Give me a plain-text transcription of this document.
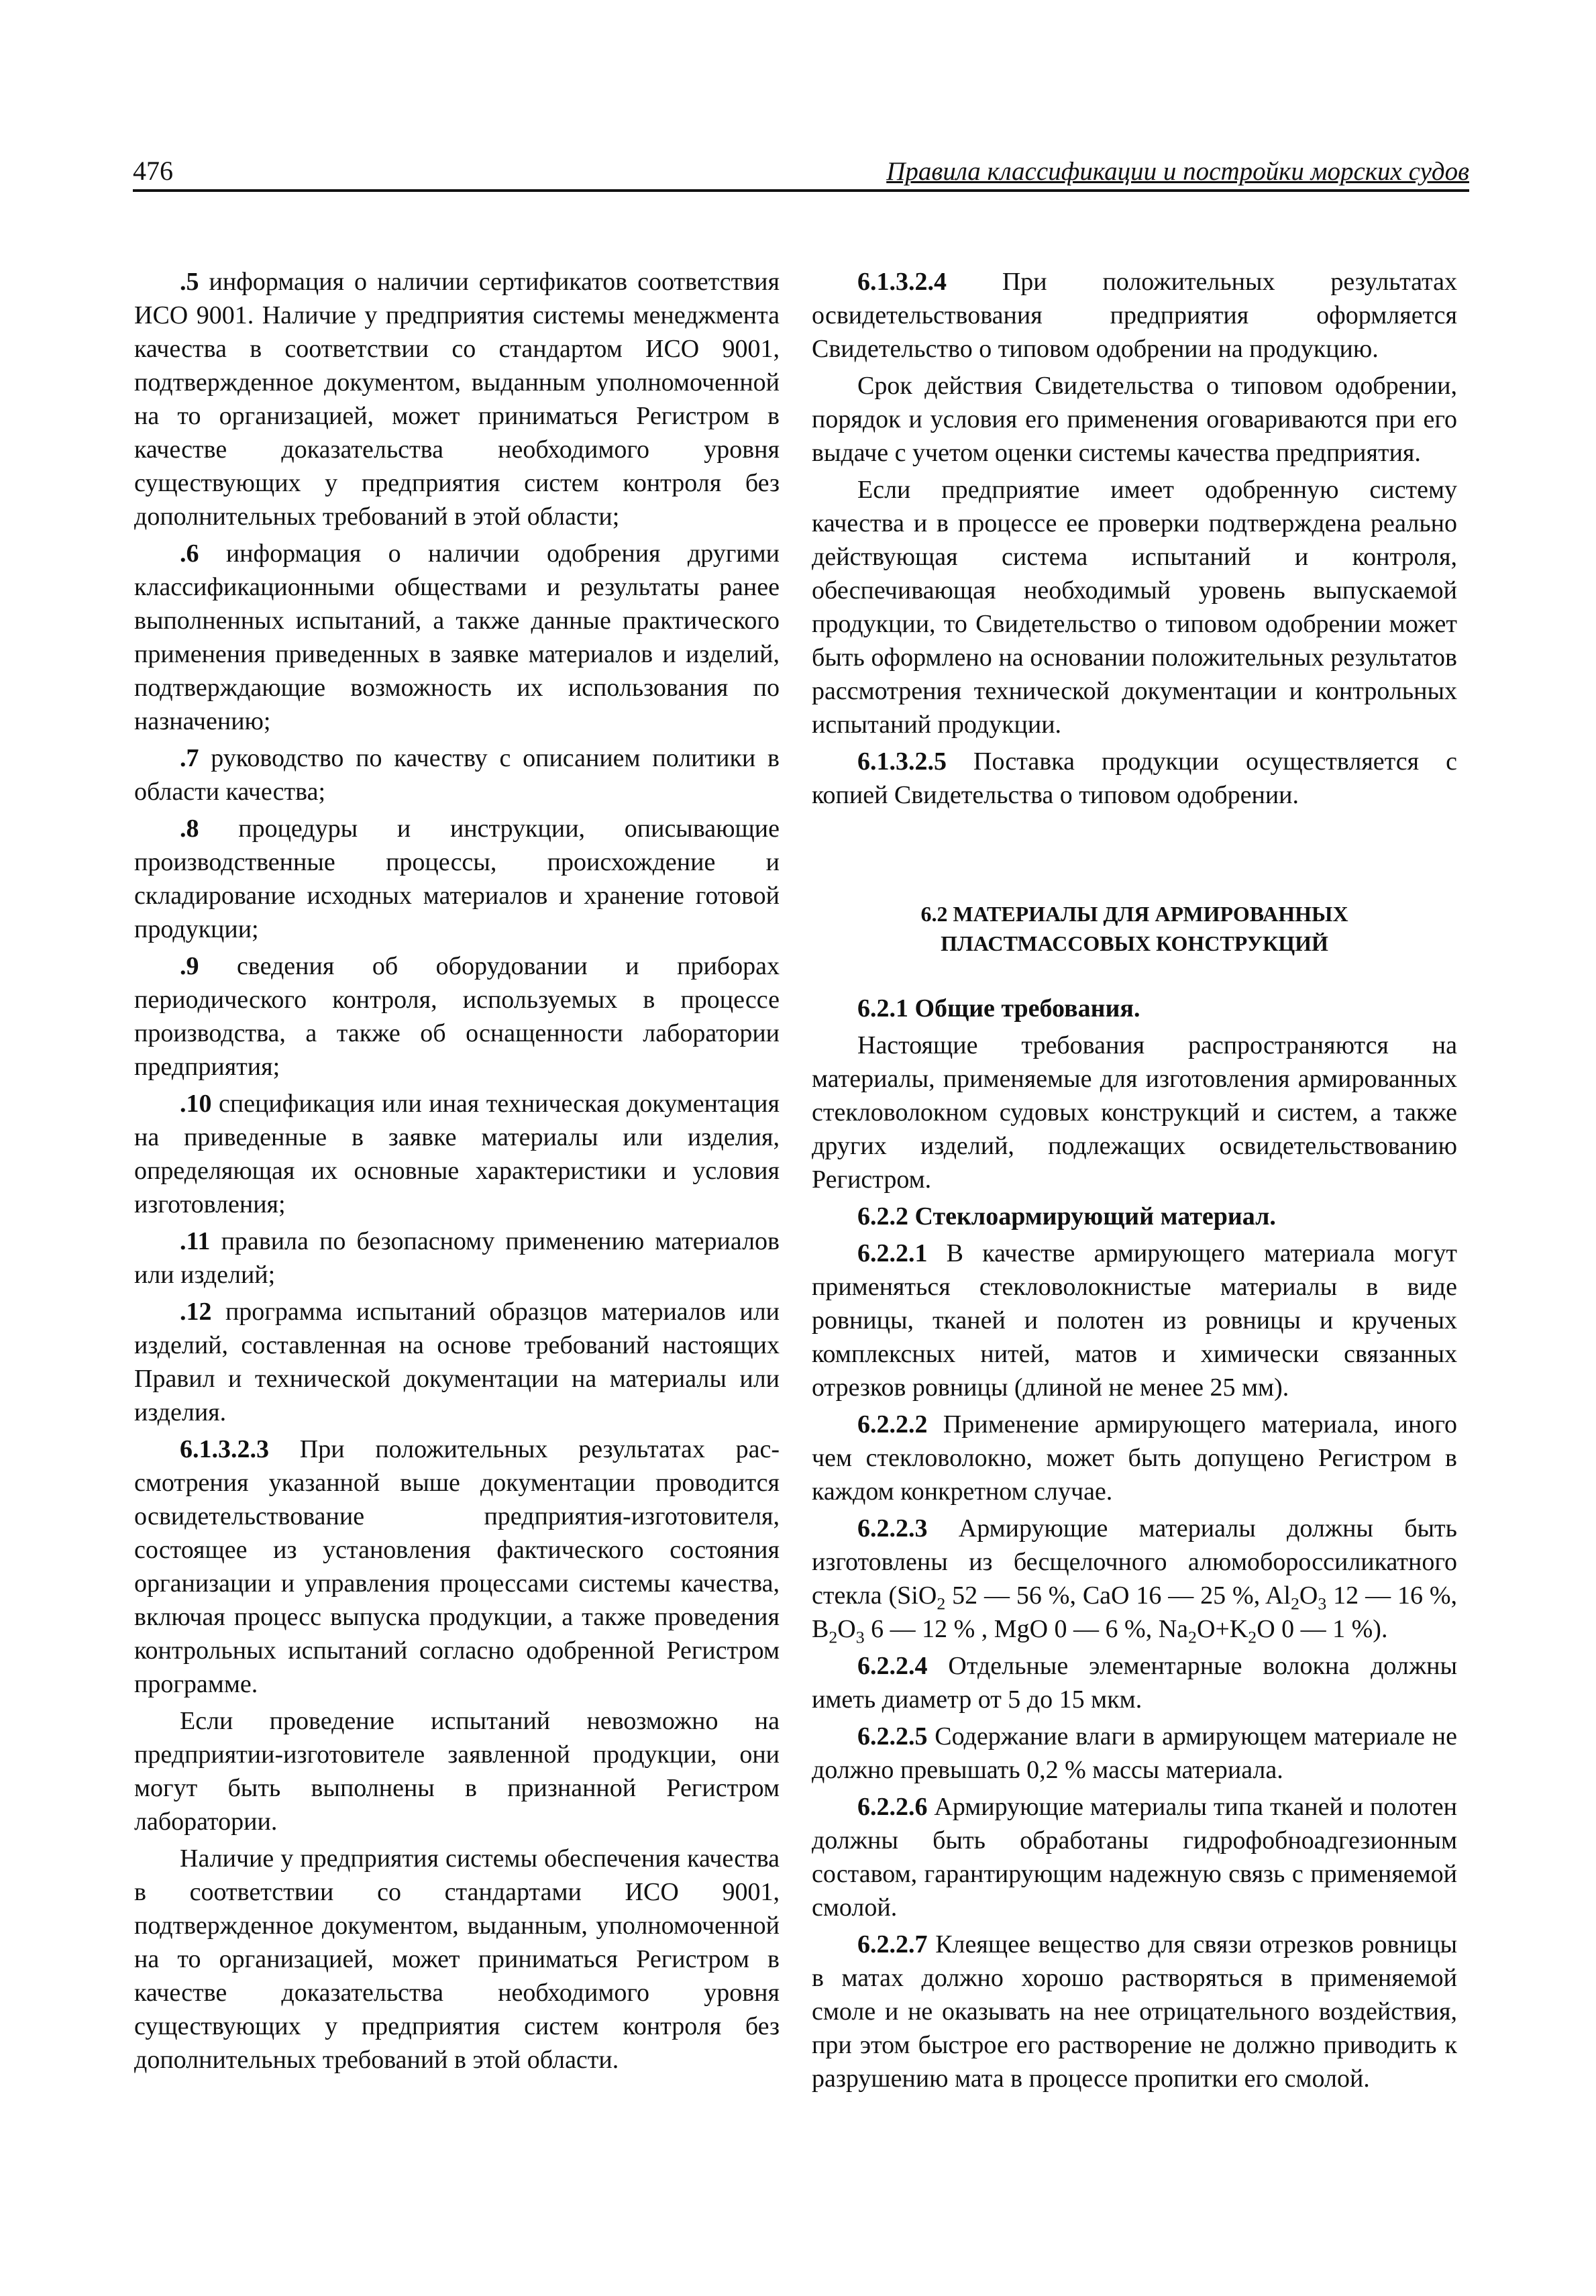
476	Правила классификации и постройки морских судов

.5 информация о наличии сертификатов соответствия ИСО 9001. Наличие у предприятия системы менеджмента качества в соответствии со стандартом ИСО 9001, подтвержденное документом, выданным уполномоченной на то организацией, может приниматься Регистром в качестве доказательства необходимого уровня существующих у предприятия систем контроля без дополнительных требований в этой области;

.6 информация о наличии одобрения другими классификационными обществами и результаты ранее выполненных испытаний, а также данные практического применения приведенных в заявке материалов и изделий, подтверждающие возможность их использования по назначению;

.7 руководство по качеству с описанием политики в области качества;

.8 процедуры и инструкции, описывающие производственные процессы, происхождение и складирование исходных материалов и хранение готовой продукции;

.9 сведения об оборудовании и приборах периодического контроля, используемых в процессе производства, а также об оснащенности лаборатории предприятия;

.10 спецификация или иная техническая документация на приведенные в заявке материалы или изделия, определяющая их основные характеристики и условия изготовления;

.11 правила по безопасному применению материалов или изделий;

.12 программа испытаний образцов материалов или изделий, составленная на основе требований настоящих Правил и технической документации на материалы или изделия.

6.1.3.2.3 При положительных результатах рассмотрения указанной выше документации проводится освидетельствование предприятия-изготовителя, состоящее из установления фактического состояния организации и управления процессами системы качества, включая процесс выпуска продукции, а также проведения контрольных испытаний согласно одобренной Регистром программе.

Если проведение испытаний невозможно на предприятии-изготовителе заявленной продукции, они могут быть выполнены в признанной Регистром лаборатории.

Наличие у предприятия системы обеспечения качества в соответствии со стандартами ИСО 9001, подтвержденное документом, выданным, уполномоченной на то организацией, может приниматься Регистром в качестве доказательства необходимого уровня существующих у предприятия систем контроля без дополнительных требований в этой области.

6.1.3.2.4 При положительных результатах освидетельствования предприятия оформляется Свидетельство о типовом одобрении на продукцию.

Срок действия Свидетельства о типовом одобрении, порядок и условия его применения оговариваются при его выдаче с учетом оценки системы качества предприятия.

Если предприятие имеет одобренную систему качества и в процессе ее проверки подтверждена реально действующая система испытаний и контроля, обеспечивающая необходимый уровень выпускаемой продукции, то Свидетельство о типовом одобрении может быть оформлено на основании положительных результатов рассмотрения технической документации и контрольных испытаний продукции.

6.1.3.2.5 Поставка продукции осуществляется с копией Свидетельства о типовом одобрении.

6.2 МАТЕРИАЛЫ ДЛЯ АРМИРОВАННЫХ
ПЛАСТМАССОВЫХ КОНСТРУКЦИЙ

6.2.1 Общие требования.

Настоящие требования распространяются на материалы, применяемые для изготовления армированных стекловолокном судовых конструкций и систем, а также других изделий, подлежащих освидетельствованию Регистром.

6.2.2 Стеклоармирующий материал.

6.2.2.1 В качестве армирующего материала могут применяться стекловолокнистые материалы в виде ровницы, тканей и полотен из ровницы и крученых комплексных нитей, матов и химически связанных отрезков ровницы (длиной не менее 25 мм).

6.2.2.2 Применение армирующего материала, иного чем стекловолокно, может быть допущено Регистром в каждом конкретном случае.

6.2.2.3 Армирующие материалы должны быть изготовлены из бесщелочного алюмобороссиликатного стекла (SiO$_2$ 52 — 56 %, CaO 16 — 25 %, $Al_2O_3$ 12 — 16 %, $B_2O_3$ 6 — 12 % , MgO 0 — 6 %, $Na_2O+K_2O$ 0 — 1 %).

6.2.2.4 Отдельные элементарные волокна должны иметь диаметр от 5 до 15 мкм.

6.2.2.5 Содержание влаги в армирующем материале не должно превышать 0,2 % массы материала.

6.2.2.6 Армирующие материалы типа тканей и полотен должны быть обработаны гидрофобноадгезионным составом, гарантирующим надежную связь с применяемой смолой.

6.2.2.7 Клеящее вещество для связи отрезков ровницы в матах должно хорошо растворяться в применяемой смоле и не оказывать на нее отрицательного воздействия, при этом быстрое его растворение не должно приводить к разрушению мата в процессе пропитки его смолой.
